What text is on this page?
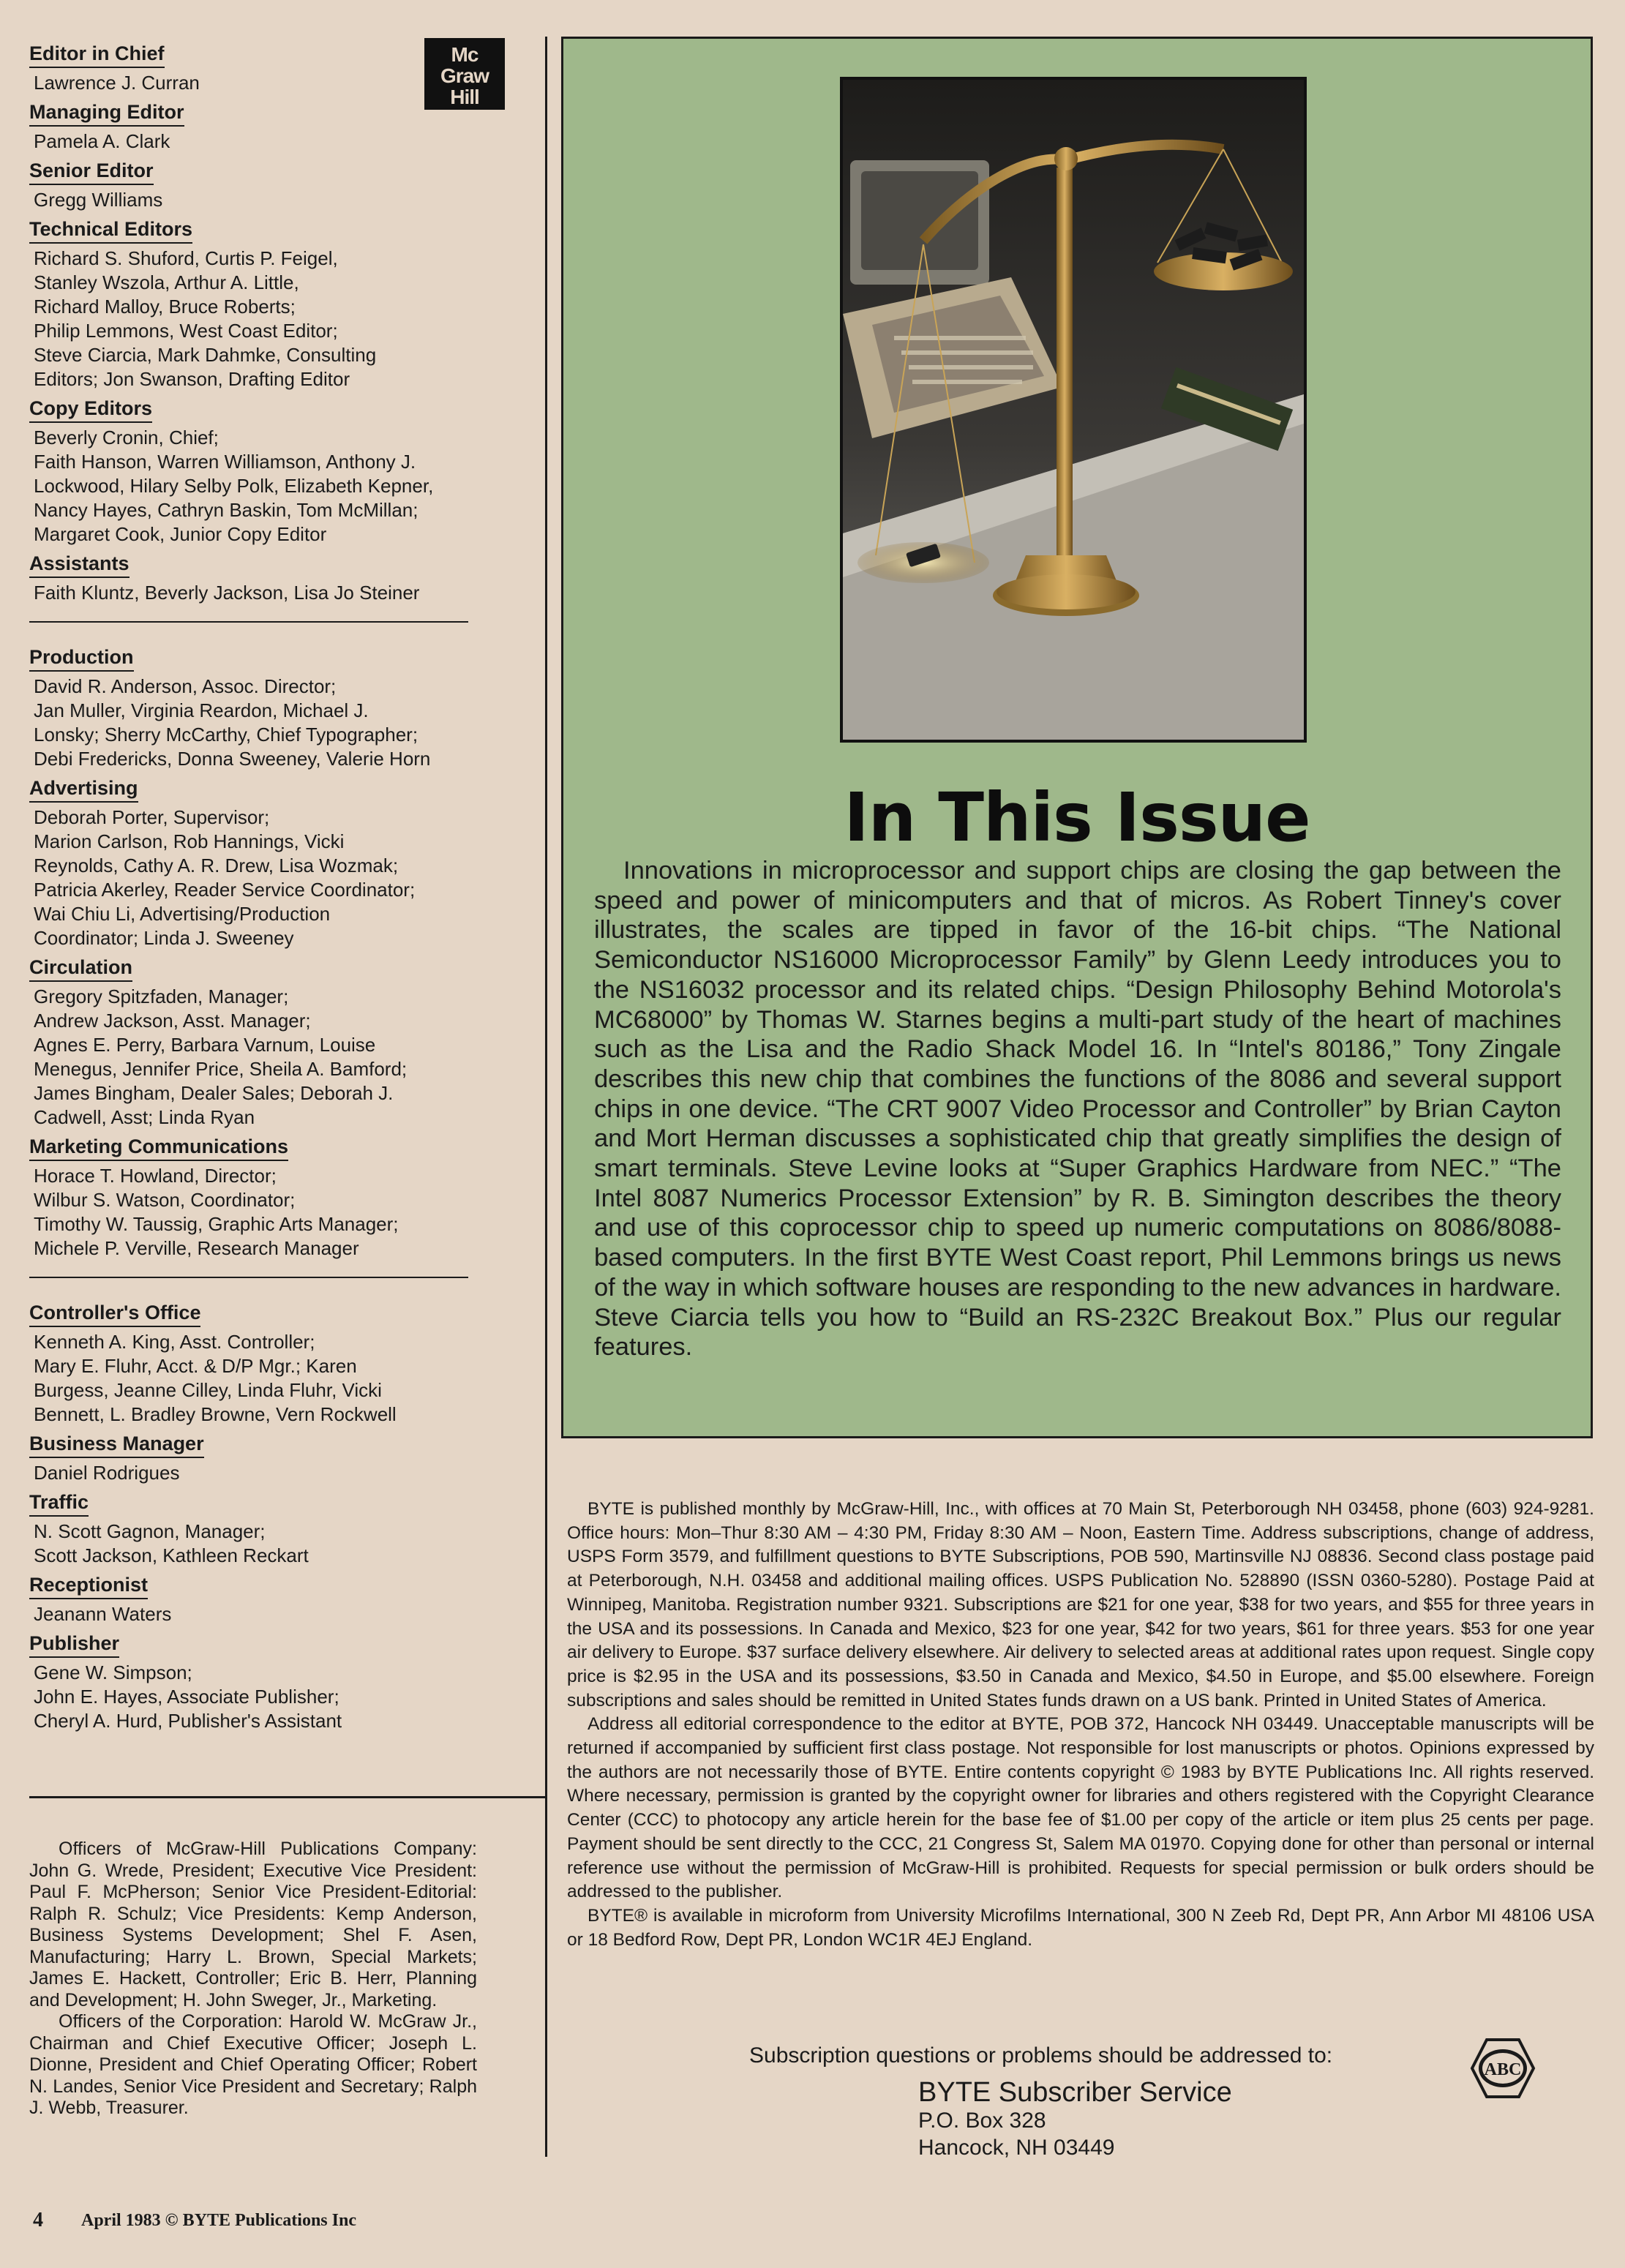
Mc
Graw
Hill
Editor in Chief
Lawrence J. Curran
Managing Editor
Pamela A. Clark
Senior Editor
Gregg Williams
Technical Editors
Richard S. Shuford, Curtis P. Feigel,
Stanley Wszola, Arthur A. Little,
Richard Malloy, Bruce Roberts;
Philip Lemmons, West Coast Editor;
Steve Ciarcia, Mark Dahmke, Consulting
Editors; Jon Swanson, Drafting Editor
Copy Editors
Beverly Cronin, Chief;
Faith Hanson, Warren Williamson, Anthony J.
Lockwood, Hilary Selby Polk, Elizabeth Kepner,
Nancy Hayes, Cathryn Baskin, Tom McMillan;
Margaret Cook, Junior Copy Editor
Assistants
Faith Kluntz, Beverly Jackson, Lisa Jo Steiner
Production
David R. Anderson, Assoc. Director;
Jan Muller, Virginia Reardon, Michael J.
Lonsky; Sherry McCarthy, Chief Typographer;
Debi Fredericks, Donna Sweeney, Valerie Horn
Advertising
Deborah Porter, Supervisor;
Marion Carlson, Rob Hannings, Vicki
Reynolds, Cathy A. R. Drew, Lisa Wozmak;
Patricia Akerley, Reader Service Coordinator;
Wai Chiu Li, Advertising/Production
Coordinator; Linda J. Sweeney
Circulation
Gregory Spitzfaden, Manager;
Andrew Jackson, Asst. Manager;
Agnes E. Perry, Barbara Varnum, Louise
Menegus, Jennifer Price, Sheila A. Bamford;
James Bingham, Dealer Sales; Deborah J.
Cadwell, Asst; Linda Ryan
Marketing Communications
Horace T. Howland, Director;
Wilbur S. Watson, Coordinator;
Timothy W. Taussig, Graphic Arts Manager;
Michele P. Verville, Research Manager
Controller's Office
Kenneth A. King, Asst. Controller;
Mary E. Fluhr, Acct. & D/P Mgr.; Karen
Burgess, Jeanne Cilley, Linda Fluhr, Vicki
Bennett, L. Bradley Browne, Vern Rockwell
Business Manager
Daniel Rodrigues
Traffic
N. Scott Gagnon, Manager;
Scott Jackson, Kathleen Reckart
Receptionist
Jeanann Waters
Publisher
Gene W. Simpson;
John E. Hayes, Associate Publisher;
Cheryl A. Hurd, Publisher's Assistant

Officers of McGraw-Hill Publications Company: John G. Wrede, President; Executive Vice President: Paul F. McPherson; Senior Vice President-Editorial: Ralph R. Schulz; Vice Presidents: Kemp Anderson, Business Systems Development; Shel F. Asen, Manufacturing; Harry L. Brown, Special Markets; James E. Hackett, Controller; Eric B. Herr, Planning and Development; H. John Sweger, Jr., Marketing.

Officers of the Corporation: Harold W. McGraw Jr., Chairman and Chief Executive Officer; Joseph L. Dionne, President and Chief Operating Officer; Robert N. Landes, Senior Vice President and Secretary; Ralph J. Webb, Treasurer.

In This Issue
Innovations in microprocessor and support chips are closing the gap between the speed and power of minicomputers and that of micros. As Robert Tinney's cover illustrates, the scales are tipped in favor of the 16-bit chips. “The National Semiconductor NS16000 Microprocessor Family” by Glenn Leedy introduces you to the NS16032 processor and its related chips. “Design Philosophy Behind Motorola's MC68000” by Thomas W. Starnes begins a multi-part study of the heart of machines such as the Lisa and the Radio Shack Model 16. In “Intel's 80186,” Tony Zingale describes this new chip that combines the functions of the 8086 and several support chips in one device. “The CRT 9007 Video Processor and Controller” by Brian Cayton and Mort Herman discusses a sophisticated chip that greatly simplifies the design of smart terminals. Steve Levine looks at “Super Graphics Hardware from NEC.” “The Intel 8087 Numerics Processor Extension” by R. B. Simington describes the theory and use of this coprocessor chip to speed up numeric computations on 8086/8088-based computers. In the first BYTE West Coast report, Phil Lemmons brings us news of the way in which software houses are responding to the new advances in hardware. Steve Ciarcia tells you how to “Build an RS-232C Breakout Box.” Plus our regular features.

BYTE is published monthly by McGraw-Hill, Inc., with offices at 70 Main St, Peterborough NH 03458, phone (603) 924-9281. Office hours: Mon–Thur 8:30 AM – 4:30 PM, Friday 8:30 AM – Noon, Eastern Time. Address subscriptions, change of address, USPS Form 3579, and fulfillment questions to BYTE Subscriptions, POB 590, Martinsville NJ 08836. Second class postage paid at Peterborough, N.H. 03458 and additional mailing offices. USPS Publication No. 528890 (ISSN 0360-5280). Postage Paid at Winnipeg, Manitoba. Registration number 9321. Subscriptions are $21 for one year, $38 for two years, and $55 for three years in the USA and its possessions. In Canada and Mexico, $23 for one year, $42 for two years, $61 for three years. $53 for one year air delivery to Europe. $37 surface delivery elsewhere. Air delivery to selected areas at additional rates upon request. Single copy price is $2.95 in the USA and its possessions, $3.50 in Canada and Mexico, $4.50 in Europe, and $5.00 elsewhere. Foreign subscriptions and sales should be remitted in United States funds drawn on a US bank. Printed in United States of America.

Address all editorial correspondence to the editor at BYTE, POB 372, Hancock NH 03449. Unacceptable manuscripts will be returned if accompanied by sufficient first class postage. Not responsible for lost manuscripts or photos. Opinions expressed by the authors are not necessarily those of BYTE. Entire contents copyright © 1983 by BYTE Publications Inc. All rights reserved. Where necessary, permission is granted by the copyright owner for libraries and others registered with the Copyright Clearance Center (CCC) to photocopy any article herein for the base fee of $1.00 per copy of the article or item plus 25 cents per page. Payment should be sent directly to the CCC, 21 Congress St, Salem MA 01970. Copying done for other than personal or internal reference use without the permission of McGraw-Hill is prohibited. Requests for special permission or bulk orders should be addressed to the publisher.

BYTE® is available in microform from University Microfilms International, 300 N Zeeb Rd, Dept PR, Ann Arbor MI 48106 USA or 18 Bedford Row, Dept PR, London WC1R 4EJ England.

Subscription questions or problems should be addressed to:
BYTE Subscriber Service
P.O. Box 328
Hancock, NH 03449
ABC
4 April 1983 © BYTE Publications Inc
